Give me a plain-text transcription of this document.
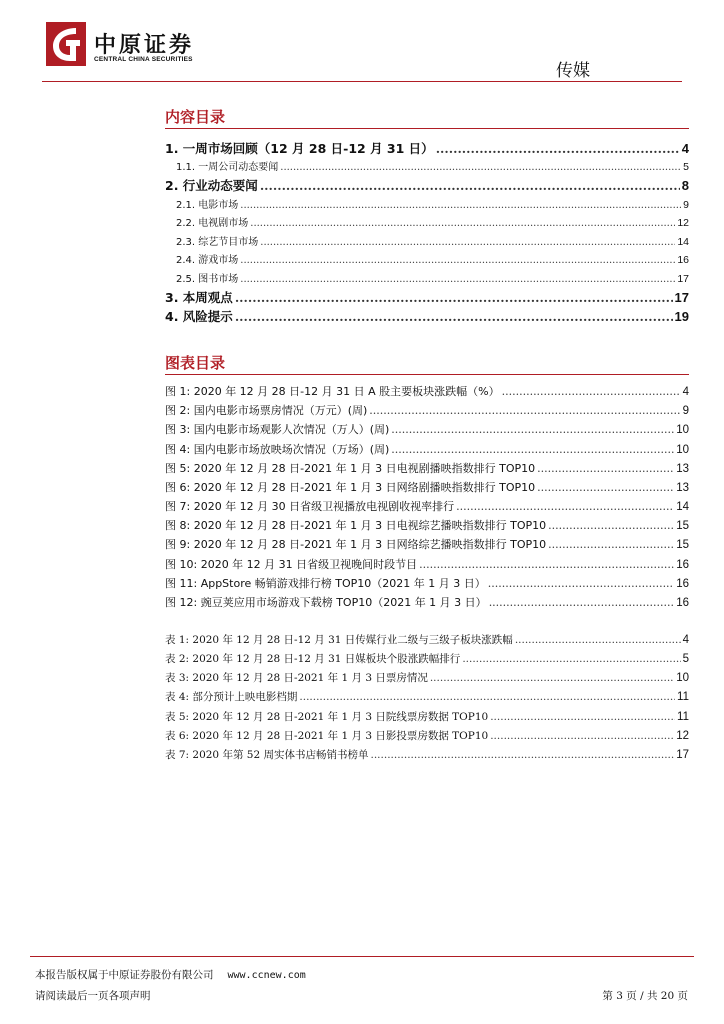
中原证券
CENTRAL CHINA SECURITIES
传媒
内容目录
1. 一周市场回顾（12 月 28 日-12 月 31 日） .....	4
1.1. 一周公司动态要闻 .....	5
2. 行业动态要闻 .....	8
2.1. 电影市场 .....	9
2.2. 电视剧市场 .....	12
2.3. 综艺节目市场 .....	14
2.4. 游戏市场 .....	16
2.5. 图书市场 .....	17
3. 本周观点 .....	17
4. 风险提示 .....	19
图表目录
图 1: 2020 年 12 月 28 日-12 月 31 日 A 股主要板块涨跌幅（%） .....	4
图 2: 国内电影市场票房情况（万元）(周) .....	9
图 3: 国内电影市场观影人次情况（万人）(周) .....	10
图 4: 国内电影市场放映场次情况（万场）(周) .....	10
图 5: 2020 年 12 月 28 日-2021 年 1 月 3 日电视剧播映指数排行 TOP10 .....	13
图 6: 2020 年 12 月 28 日-2021 年 1 月 3 日网络剧播映指数排行 TOP10 .....	13
图 7: 2020 年 12 月 30 日省级卫视播放电视剧收视率排行 .....	14
图 8: 2020 年 12 月 28 日-2021 年 1 月 3 日电视综艺播映指数排行 TOP10 .....	15
图 9: 2020 年 12 月 28 日-2021 年 1 月 3 日网络综艺播映指数排行 TOP10 .....	15
图 10: 2020 年 12 月 31 日省级卫视晚间时段节目 .....	16
图 11: AppStore 畅销游戏排行榜 TOP10（2021 年 1 月 3 日） .....	16
图 12: 豌豆荚应用市场游戏下载榜 TOP10（2021 年 1 月 3 日） .....	16
表 1: 2020 年 12 月 28 日-12 月 31 日传媒行业二级与三级子板块涨跌幅 .....	4
表 2: 2020 年 12 月 28 日-12 月 31 日媒板块个股涨跌幅排行 .....	5
表 3: 2020 年 12 月 28 日-2021 年 1 月 3 日票房情况 .....	10
表 4: 部分预计上映电影档期 .....	11
表 5: 2020 年 12 月 28 日-2021 年 1 月 3 日院线票房数据 TOP10 .....	11
表 6: 2020 年 12 月 28 日-2021 年 1 月 3 日影投票房数据 TOP10 .....	12
表 7: 2020 年第 52 周实体书店畅销书榜单 .....	17
本报告版权属于中原证券股份有限公司 www.ccnew.com
请阅读最后一页各项声明	第 3 页 / 共 20 页
